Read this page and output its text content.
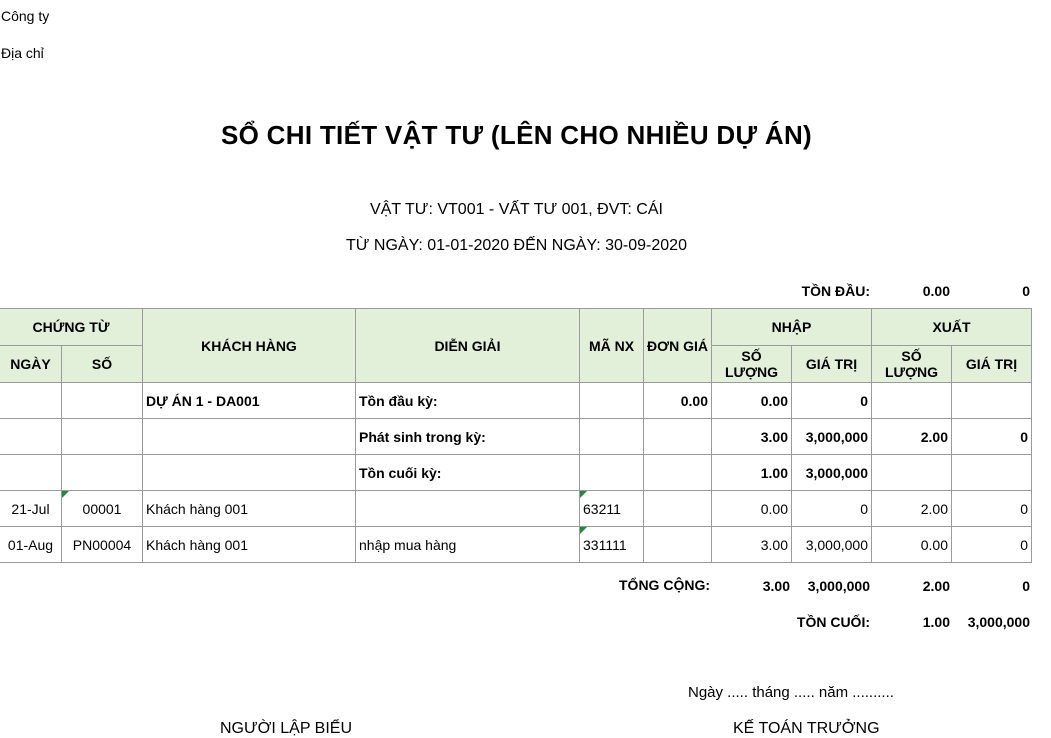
Công ty
Địa chỉ
SỔ CHI TIẾT VẬT TƯ (LÊN CHO NHIỀU DỰ ÁN)
VẬT TƯ: VT001 - VẤT TƯ 001, ĐVT: CÁI
TỪ NGÀY: 01-01-2020 ĐẾN NGÀY: 30-09-2020
TỒN ĐẦU:	0.00	0
CHỨNG TỪ		KHÁCH HÀNG	DIỄN GIẢI	MÃ NX	ĐƠN GIÁ	NHẬP		XUẤT	
NGÀY	SỐ					SỐ LƯỢNG	GIÁ TRỊ	SỐ LƯỢNG	GIÁ TRỊ
		DỰ ÁN 1 - DA001	Tồn đầu kỳ:		0.00	0.00	0		
			Phát sinh trong kỳ:			3.00	3,000,000	2.00	0
			Tồn cuối kỳ:			1.00	3,000,000		
21-Jul	00001	Khách hàng 001		63211		0.00	0	2.00	0
01-Aug	PN00004	Khách hàng 001	nhập mua hàng	331111		3.00	3,000,000	0.00	0
TỔNG CỘNG:	3.00	3,000,000	2.00	0
TỒN CUỐI:	1.00	3,000,000
Ngày ..... tháng ..... năm ..........
NGƯỜI LẬP BIỂU	KẾ TOÁN TRƯỞNG
